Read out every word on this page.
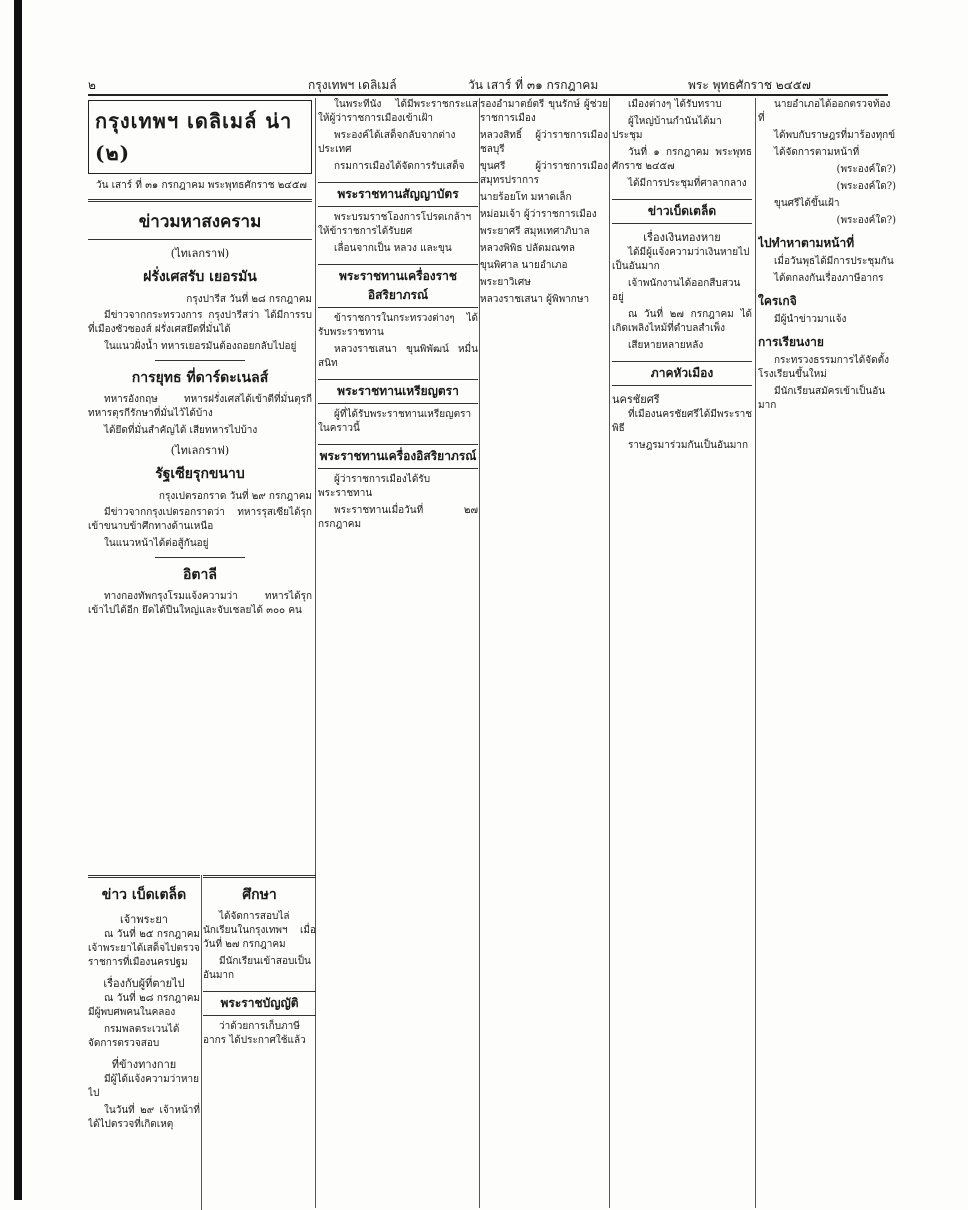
๒	กรุงเทพฯ เดลิเมล์	วัน เสาร์ ที่ ๓๑ กรกฎาคม	พระ พุทธศักราช ๒๔๕๗
กรุงเทพฯ เดลิเมล์ น่า (๒)
วัน เสาร์ ที่ ๓๑ กรกฎาคม พระพุทธศักราช ๒๔๕๗
ข่าวมหาสงคราม
(ไทเลกราฟ)
ฝรั่งเศสรับ เยอรมัน
กรุงปารีส วันที่ ๒๘ กรกฎาคม
มีข่าวจากกระทรวงการ กรุงปารีสว่า ได้มีการรบที่เมืองซัวซองส์ ฝรั่งเศสยึดที่มั่นได้
ในแนวฝั่งน้ำ ทหารเยอรมันต้องถอยกลับไปอยู่
การยุทธ ที่ดาร์ดะเนลส์
ทหารอังกฤษ ทหารฝรั่งเศสได้เข้าตีที่มั่นตุรกี ทหารตุรกีรักษาที่มั่นไว้ได้บ้าง
ได้ยึดที่มั่นสำคัญได้ เสียทหารไปบ้าง
(ไทเลกราฟ)
รัฐเซียรุกขนาบ
กรุงเปตรอกราด วันที่ ๒๙ กรกฎาคม
มีข่าวจากกรุงเปตรอกราดว่า ทหารรุสเซียได้รุกเข้าขนาบข้าศึกทางด้านเหนือ
ในแนวหน้าได้ต่อสู้กันอยู่
อิตาลี
ทางกองทัพกรุงโรมแจ้งความว่า ทหารได้รุกเข้าไปได้อีก ยึดได้ปืนใหญ่และจับเชลยได้ ๓๐๐ คน
ข่าว เบ็ดเตล็ด
เจ้าพระยา
ณ วันที่ ๒๕ กรกฎาคม เจ้าพระยาได้เสด็จไปตรวจราชการที่เมืองนครปฐม
เรื่องกับผู้ที่ตายไป
ณ วันที่ ๒๘ กรกฎาคม มีผู้พบศพคนในคลอง
กรมพลตระเวนได้จัดการตรวจสอบ
ที่ข้างทางกาย
มีผู้ได้แจ้งความว่าหายไป
ในวันที่ ๒๙ เจ้าหน้าที่ได้ไปตรวจที่เกิดเหตุ
ศึกษา
ได้จัดการสอบไล่นักเรียนในกรุงเทพฯ เมื่อวันที่ ๒๗ กรกฎาคม
มีนักเรียนเข้าสอบเป็นอันมาก
พระราชบัญญัติ
ว่าด้วยการเก็บภาษีอากร ได้ประกาศใช้แล้ว
ในพระที่นั่ง ได้มีพระราชกระแสให้ผู้ว่าราชการเมืองเข้าเฝ้า
พระองค์ได้เสด็จกลับจากต่างประเทศ
กรมการเมืองได้จัดการรับเสด็จ
พระราชทานสัญญาบัตร
พระบรมราชโองการโปรดเกล้าฯ ให้ข้าราชการได้รับยศ
เลื่อนจากเป็น หลวง และขุน
พระราชทานเครื่องราชอิสริยาภรณ์
ข้าราชการในกระทรวงต่างๆ ได้รับพระราชทาน
หลวงราชเสนา ขุนพิพัฒน์ หมื่นสนิท
พระราชทานเหรียญตรา
ผู้ที่ได้รับพระราชทานเหรียญตราในคราวนี้
พระราชทานเครื่องอิสริยาภรณ์
ผู้ว่าราชการเมืองได้รับพระราชทาน
พระราชทานเมื่อวันที่ ๒๗ กรกฎาคม
รองอำมาตย์ตรี ขุนรักษ์ ผู้ช่วยราชการเมือง
หลวงสิทธิ์ ผู้ว่าราชการเมืองชลบุรี
ขุนศรี ผู้ว่าราชการเมืองสมุทรปราการ
นายร้อยโท มหาดเล็ก
หม่อมเจ้า ผู้ว่าราชการเมือง
พระยาศรี สมุหเทศาภิบาล
หลวงพิพิธ ปลัดมณฑล
ขุนพิศาล นายอำเภอ
พระยาวิเศษ
หลวงราชเสนา ผู้พิพากษา
เมืองต่างๆ ได้รับทราบ
ผู้ใหญ่บ้านกำนันได้มาประชุม
วันที่ ๑ กรกฎาคม พระพุทธศักราช ๒๔๕๗
ได้มีการประชุมที่ศาลากลาง
ข่าวเบ็ดเตล็ด
เรื่องเงินทองหาย
ได้มีผู้แจ้งความว่าเงินหายไปเป็นอันมาก
เจ้าพนักงานได้ออกสืบสวนอยู่
ณ วันที่ ๒๗ กรกฎาคม ได้เกิดเพลิงไหม้ที่ตำบลสำเพ็ง
เสียหายหลายหลัง
ภาคหัวเมือง
นครชัยศรี
ที่เมืองนครชัยศรีได้มีพระราชพิธี
ราษฎรมาร่วมกันเป็นอันมาก
นายอำเภอได้ออกตรวจท้องที่
ได้พบกับราษฎรที่มาร้องทุกข์
ได้จัดการตามหน้าที่
(พระองค์ใด?)
(พระองค์ใด?)
ขุนศรีได้ขึ้นเฝ้า
(พระองค์ใด?)
ไปทำหาตามหน้าที่
เมื่อวันพุธได้มีการประชุมกัน
ได้ตกลงกันเรื่องภาษีอากร
ใครเกจิ
มีผู้นำข่าวมาแจ้ง
การเรียนงาย
กระทรวงธรรมการได้จัดตั้งโรงเรียนขึ้นใหม่
มีนักเรียนสมัครเข้าเป็นอันมาก
